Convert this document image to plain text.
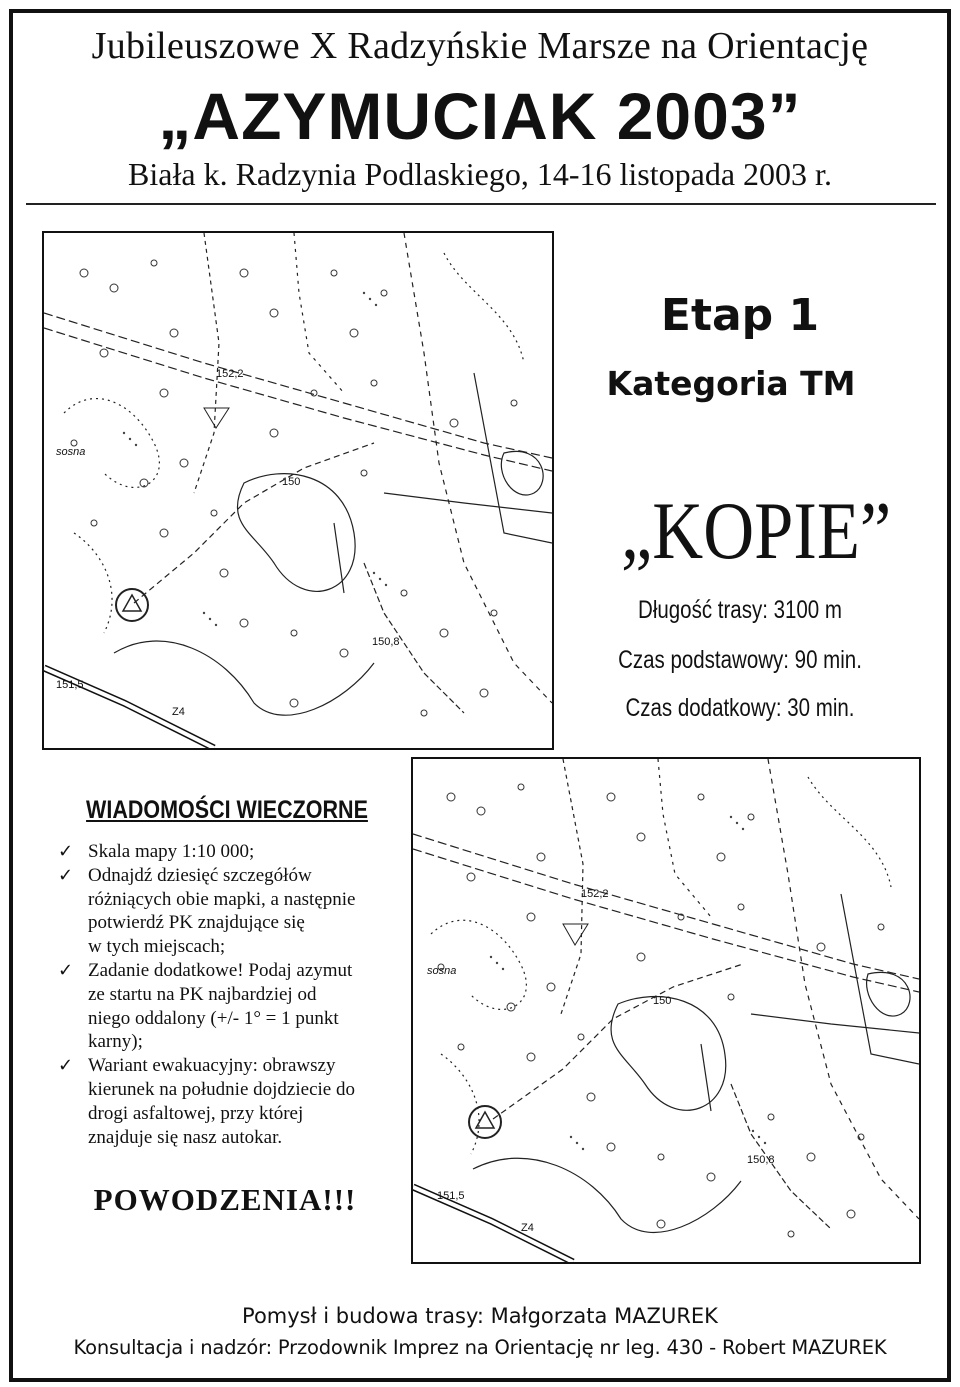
Jubileuszowe X Radzyńskie Marsze na Orientację
„AZYMUCIAK 2003”
Biała k. Radzynia Podlaskiego, 14-16 listopada 2003 r.
152,2
150
150,8
151,5
sosna
Z4
Etap 1
Kategoria TM
„KOPIE”
Długość trasy: 3100 m
Czas podstawowy: 90 min.
Czas dodatkowy: 30 min.
WIADOMOŚCI WIECZORNE
✓ Skala mapy 1:10 000;
✓ Odnajdź dziesięć szczegółów
różniących obie mapki, a następnie
potwierdź PK znajdujące się
w tych miejscach;
✓ Zadanie dodatkowe! Podaj azymut
ze startu na PK najbardziej od
niego oddalony (+/- 1° = 1 punkt
karny);
✓ Wariant ewakuacyjny: obrawszy
kierunek na południe dojdziecie do
drogi asfaltowej, przy której
znajduje się nasz autokar.
152,2
150
150,8
151,5
sosna
Z4
POWODZENIA!!!
Pomysł i budowa trasy: Małgorzata MAZUREK
Konsultacja i nadzór: Przodownik Imprez na Orientację nr leg. 430 - Robert MAZUREK
